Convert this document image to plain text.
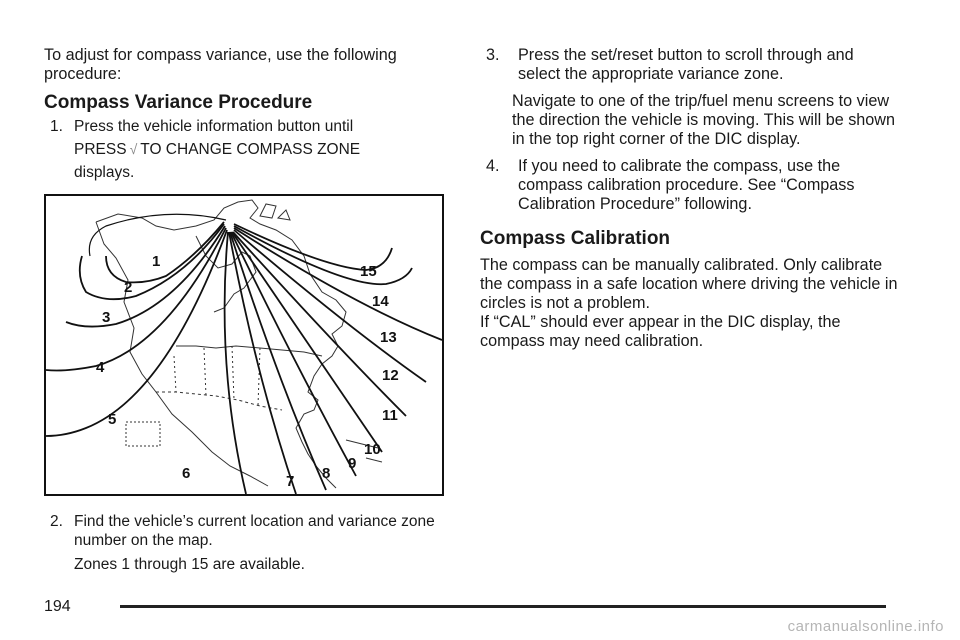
To adjust for compass variance, use the following procedure:

Compass Variance Procedure
1. Press the vehicle information button until
PRESS √ TO CHANGE COMPASS ZONE
displays.
1
2
3
4
5
6	7 8
9
10
11
12
13
14
15
2. Find the vehicle’s current location and variance zone number on the map.

Zones 1 through 15 are available.

3.	Press the set/reset button to scroll through and select the appropriate variance zone.

Navigate to one of the trip/fuel menu screens to view the direction the vehicle is moving. This will be shown in the top right corner of the DIC display.

4.	If you need to calibrate the compass, use the compass calibration procedure. See “Compass Calibration Procedure” following.
Compass Calibration

The compass can be manually calibrated. Only calibrate the compass in a safe location where driving the vehicle in circles is not a problem.

If “CAL” should ever appear in the DIC display, the compass may need calibration.

194
carmanualsonline.info
